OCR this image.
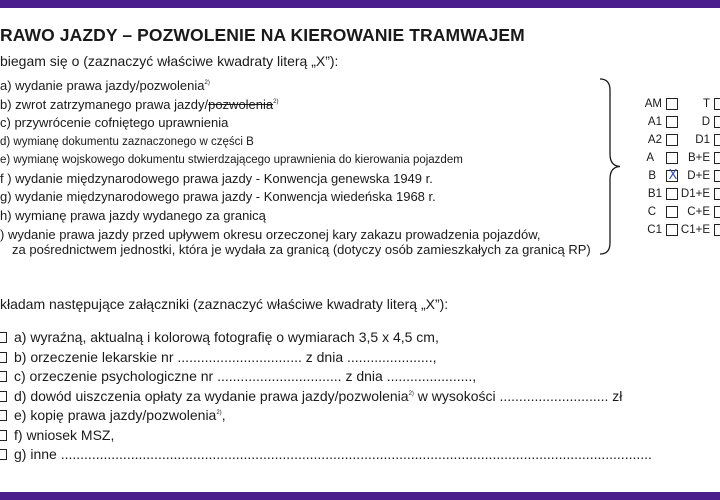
RAWO JAZDY – POZWOLENIE NA KIEROWANIE TRAMWAJEM
biegam się o (zaznaczyć właściwe kwadraty literą „X”):
a) wydanie prawa jazdy/pozwolenia$^{2)}$
b) zwrot zatrzymanego prawa jazdy/pozwolenia$^{2)}$
c) przywrócenie cofniętego uprawnienia
d) wymianę dokumentu zaznaczonego w części B
e) wymianę wojskowego dokumentu stwierdzającego uprawnienia do kierowania pojazdem
f ) wydanie międzynarodowego prawa jazdy - Konwencja genewska 1949 r.
g) wydanie międzynarodowego prawa jazdy - Konwencja wiedeńska 1968 r.
h) wymianę prawa jazdy wydanego za granicą
) wydanie prawa jazdy przed upływem okresu orzeczonej kary zakazu prowadzenia pojazdów,
za pośrednictwem jednostki, która je wydała za granicą (dotyczy osób zamieszkałych za granicą RP)
AM
A1
A2
A
B
X
B1
C
C1
T
D
D1
B+E
D+E
D1+E
C+E
C1+E
kładam następujące załączniki (zaznaczyć właściwe kwadraty literą „X”):
a) wyraźną, aktualną i kolorową fotografię o wymiarach 3,5 x 4,5 cm,
b) orzeczenie lekarskie nr ................................ z dnia ......................,
c) orzeczenie psychologiczne nr ................................ z dnia ......................,
d) dowód uiszczenia opłaty za wydanie prawa jazdy/pozwolenia$^{2)}$ w wysokości ............................ zł
e) kopię prawa jazdy/pozwolenia$^{2)}$,
f) wniosek MSZ,
g) inne ........................................................................................................................................................
